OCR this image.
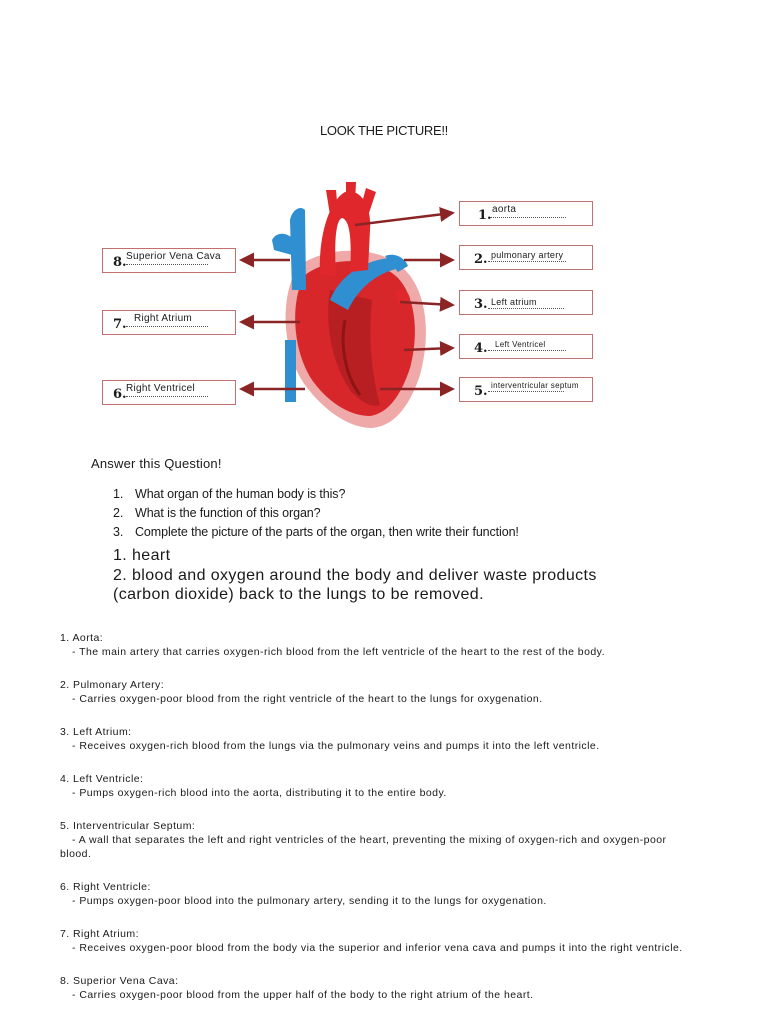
LOOK THE PICTURE!!
1. aorta
2. pulmonary artery
3. Left atrium
4. Left Ventricel
5. interventricular septum
8. Superior Vena Cava
7. Right Atrium
6. Right Ventricel
Answer this Question!
1. What organ of the human body is this?
2. What is the function of this organ?
3. Complete the picture of the parts of the organ, then write their function!
1. heart
2. blood and oxygen around the body and deliver waste products (carbon dioxide) back to the lungs to be removed.
1. Aorta:
- The main artery that carries oxygen-rich blood from the left ventricle of the heart to the rest of the body.
2. Pulmonary Artery:
- Carries oxygen-poor blood from the right ventricle of the heart to the lungs for oxygenation.
3. Left Atrium:
- Receives oxygen-rich blood from the lungs via the pulmonary veins and pumps it into the left ventricle.
4. Left Ventricle:
- Pumps oxygen-rich blood into the aorta, distributing it to the entire body.
5. Interventricular Septum:
- A wall that separates the left and right ventricles of the heart, preventing the mixing of oxygen-rich and oxygen-poor blood.
6. Right Ventricle:
- Pumps oxygen-poor blood into the pulmonary artery, sending it to the lungs for oxygenation.
7. Right Atrium:
- Receives oxygen-poor blood from the body via the superior and inferior vena cava and pumps it into the right ventricle.
8. Superior Vena Cava:
- Carries oxygen-poor blood from the upper half of the body to the right atrium of the heart.
